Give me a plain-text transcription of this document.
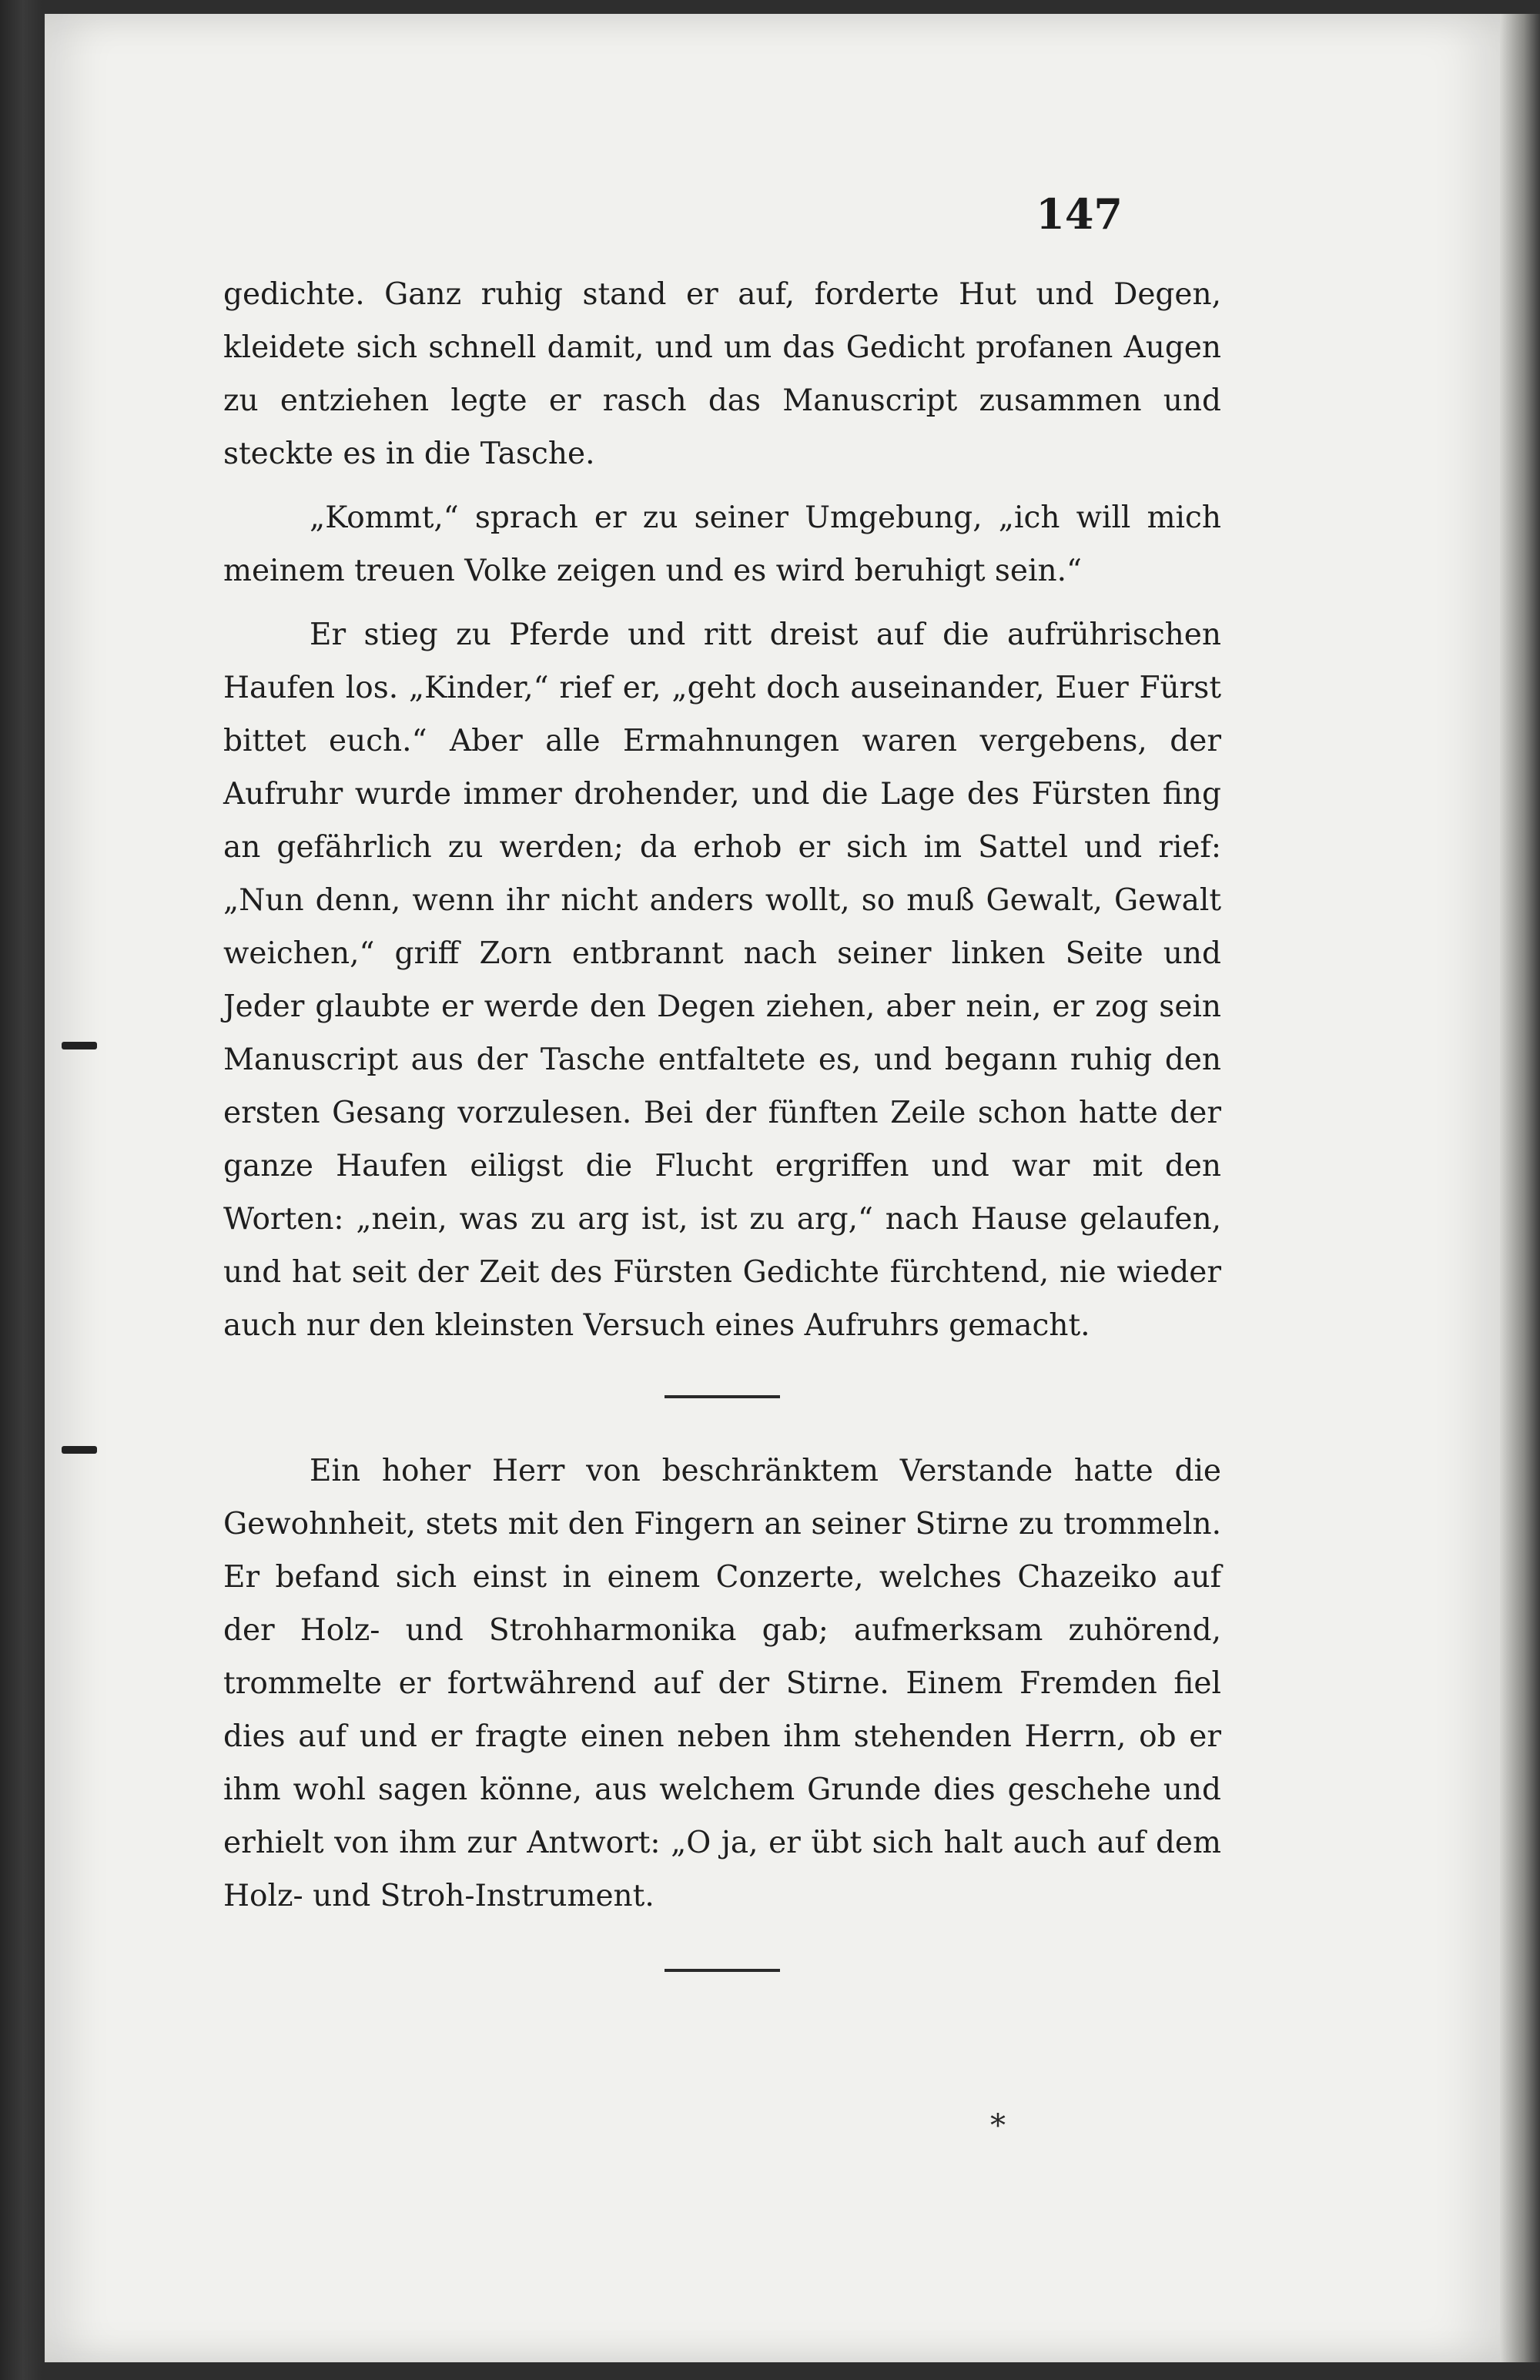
147

gedichte. Ganz ruhig stand er auf, forderte Hut und Degen, kleidete sich schnell damit, und um das Gedicht profanen Augen zu entziehen legte er rasch das Manuscript zusammen und steckte es in die Tasche.

„Kommt,“ sprach er zu seiner Umgebung, „ich will mich meinem treuen Volke zeigen und es wird beruhigt sein.“

Er stieg zu Pferde und ritt dreist auf die aufrührischen Haufen los. „Kinder,“ rief er, „geht doch auseinander, Euer Fürst bittet euch.“ Aber alle Ermahnungen waren vergebens, der Aufruhr wurde immer drohender, und die Lage des Fürsten fing an gefährlich zu werden; da erhob er sich im Sattel und rief: „Nun denn, wenn ihr nicht anders wollt, so muß Gewalt, Gewalt weichen,“ griff Zorn entbrannt nach seiner linken Seite und Jeder glaubte er werde den Degen ziehen, aber nein, er zog sein Manuscript aus der Tasche entfaltete es, und begann ruhig den ersten Gesang vorzulesen. Bei der fünften Zeile schon hatte der ganze Haufen eiligst die Flucht ergriffen und war mit den Worten: „nein, was zu arg ist, ist zu arg,“ nach Hause gelaufen, und hat seit der Zeit des Fürsten Gedichte fürchtend, nie wieder auch nur den kleinsten Versuch eines Aufruhrs gemacht.

Ein hoher Herr von beschränktem Verstande hatte die Gewohnheit, stets mit den Fingern an seiner Stirne zu trommeln. Er befand sich einst in einem Conzerte, welches Chazeiko auf der Holz- und Strohharmonika gab; aufmerksam zuhörend, trommelte er fortwährend auf der Stirne. Einem Fremden fiel dies auf und er fragte einen neben ihm stehenden Herrn, ob er ihm wohl sagen könne, aus welchem Grunde dies geschehe und erhielt von ihm zur Antwort: „O ja, er übt sich halt auch auf dem Holz- und Stroh-Instrument.

*
